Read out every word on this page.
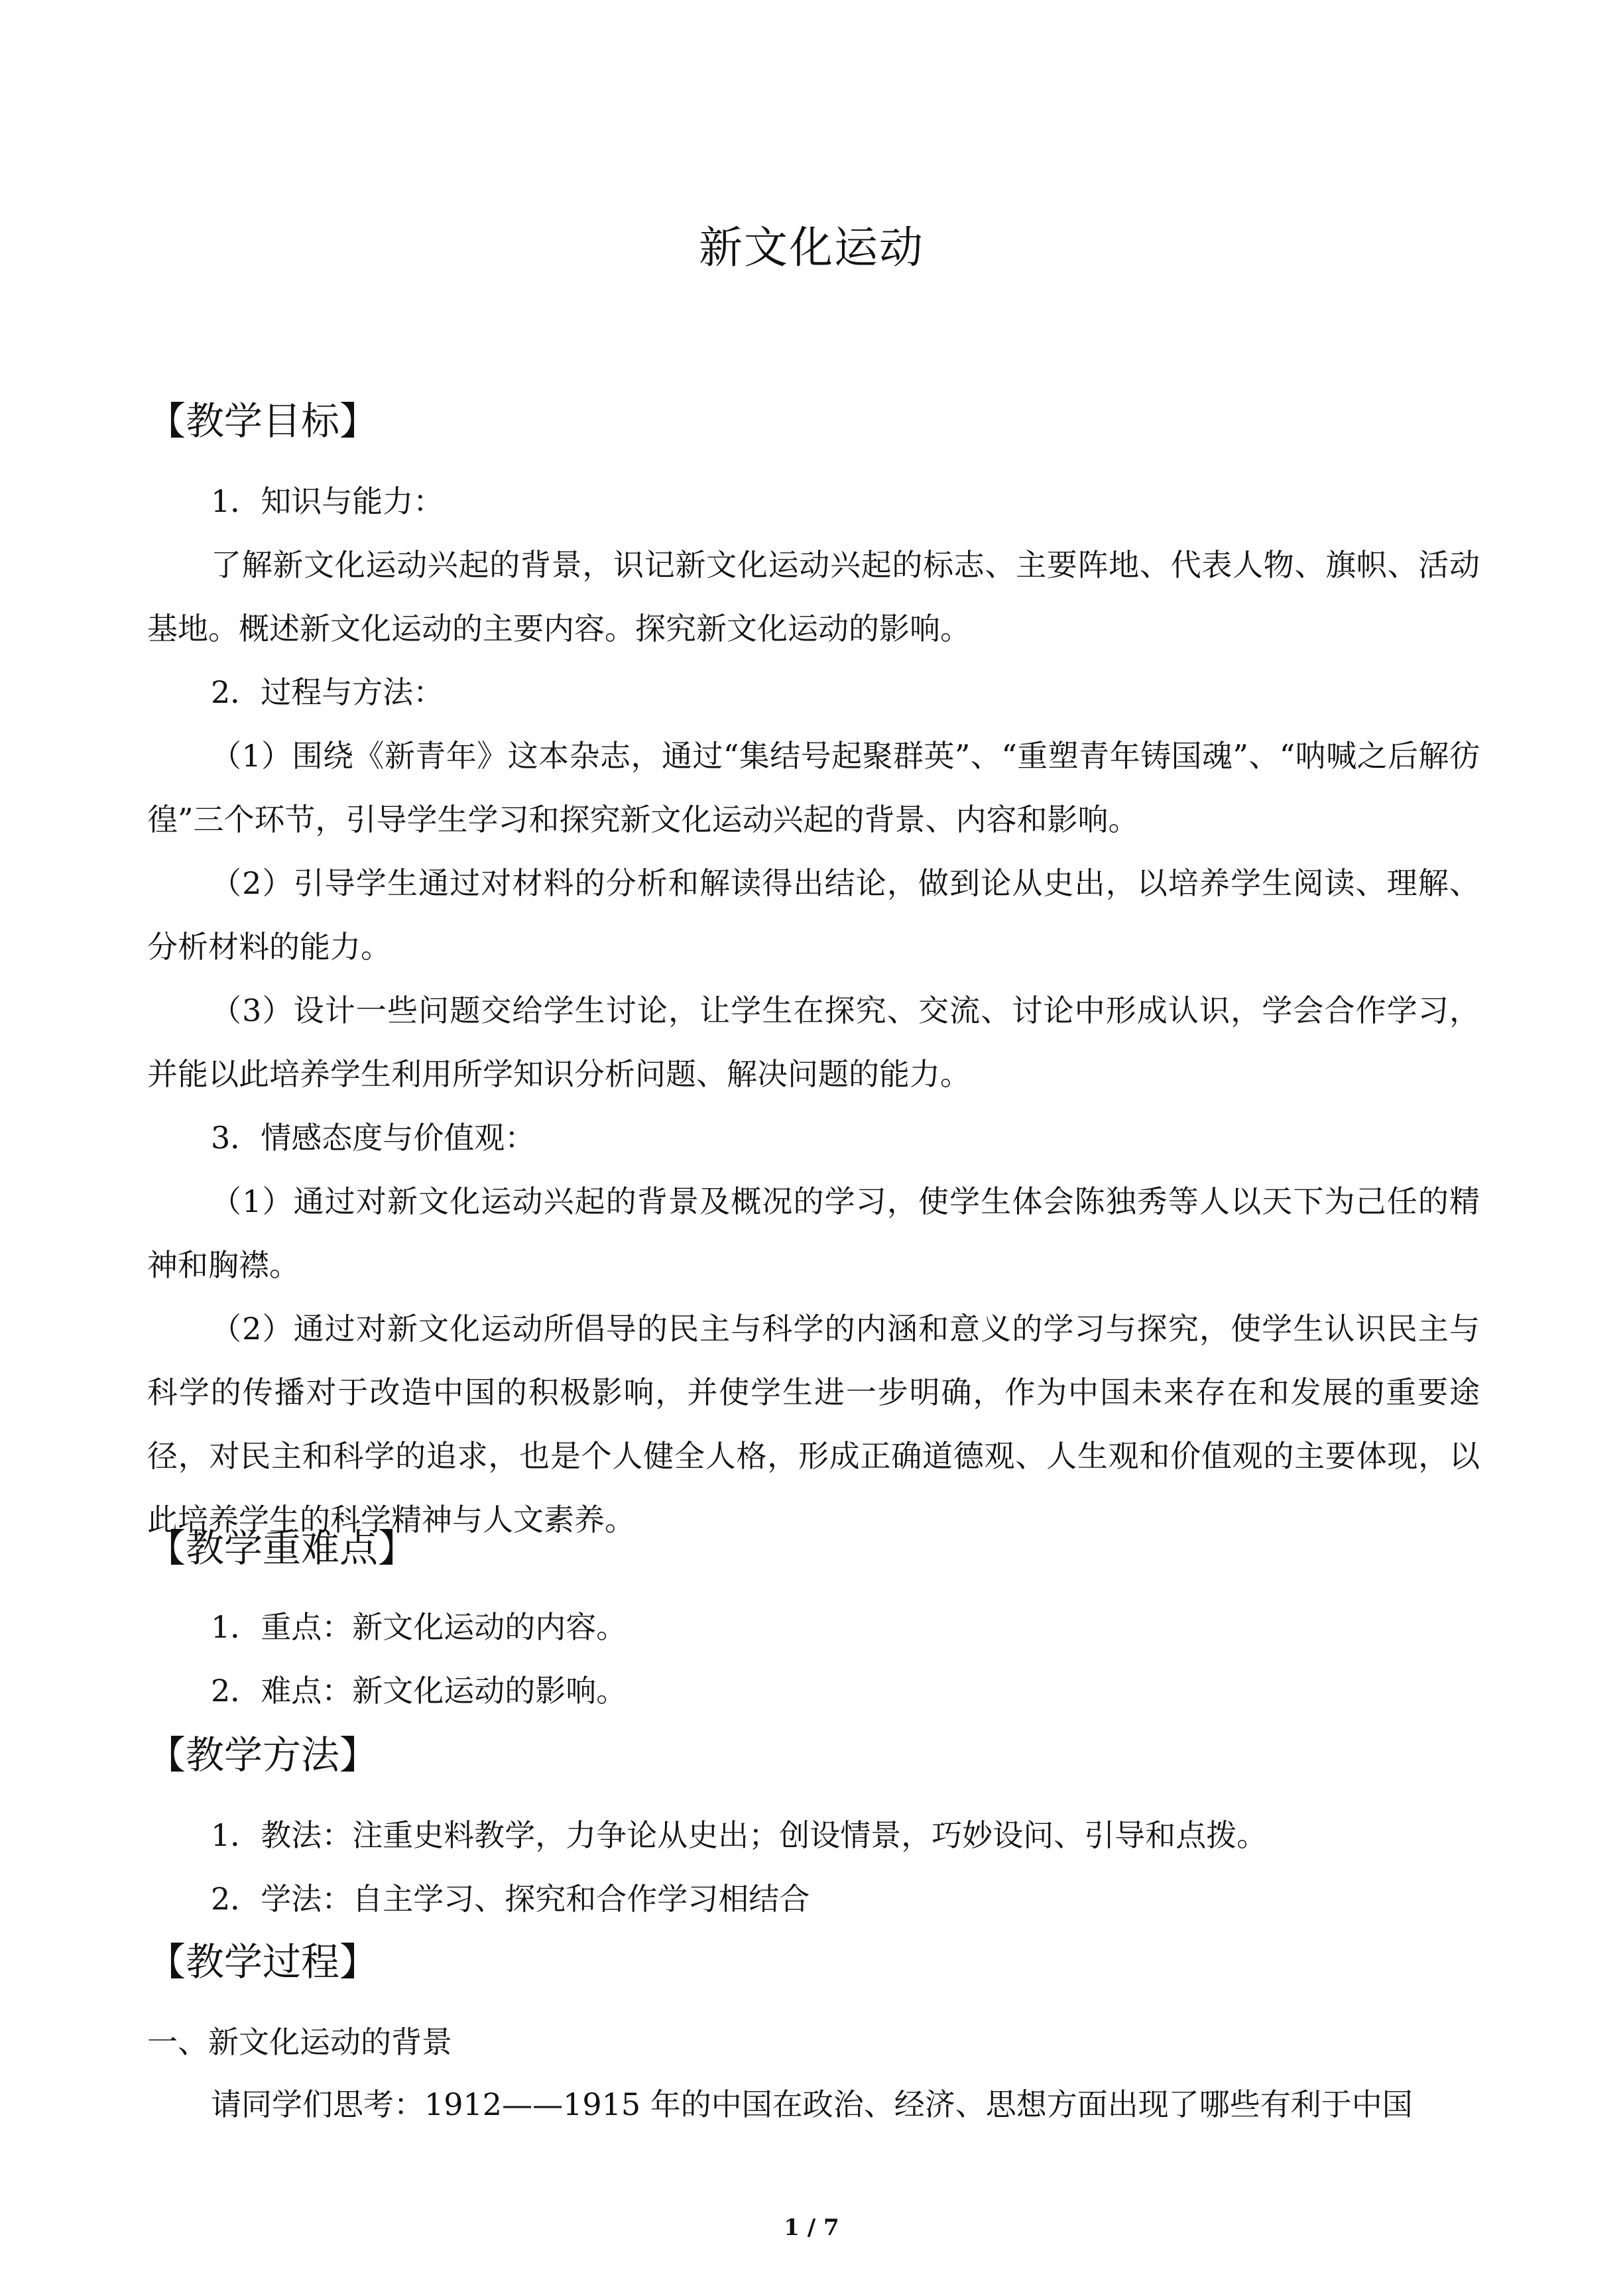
新文化运动
【教学目标】

1．知识与能力：

了解新文化运动兴起的背景，识记新文化运动兴起的标志、主要阵地、代表人物、旗帜、活动基地。概述新文化运动的主要内容。探究新文化运动的影响。

2．过程与方法：

（1）围绕《新青年》这本杂志，通过“集结号起聚群英”、“重塑青年铸国魂”、“呐喊之后解彷徨”三个环节，引导学生学习和探究新文化运动兴起的背景、内容和影响。

（2）引导学生通过对材料的分析和解读得出结论，做到论从史出，以培养学生阅读、理解、分析材料的能力。

（3）设计一些问题交给学生讨论，让学生在探究、交流、讨论中形成认识，学会合作学习，并能以此培养学生利用所学知识分析问题、解决问题的能力。

3．情感态度与价值观：

（1）通过对新文化运动兴起的背景及概况的学习，使学生体会陈独秀等人以天下为己任的精神和胸襟。

（2）通过对新文化运动所倡导的民主与科学的内涵和意义的学习与探究，使学生认识民主与科学的传播对于改造中国的积极影响，并使学生进一步明确，作为中国未来存在和发展的重要途径，对民主和科学的追求，也是个人健全人格，形成正确道德观、人生观和价值观的主要体现，以此培养学生的科学精神与人文素养。

【教学重难点】

1．重点：新文化运动的内容。

2．难点：新文化运动的影响。

【教学方法】

1．教法：注重史料教学，力争论从史出；创设情景，巧妙设问、引导和点拨。

2．学法：自主学习、探究和合作学习相结合

【教学过程】

一、新文化运动的背景

请同学们思考：1912——1915 年的中国在政治、经济、思想方面出现了哪些有利于中国

1 / 7
